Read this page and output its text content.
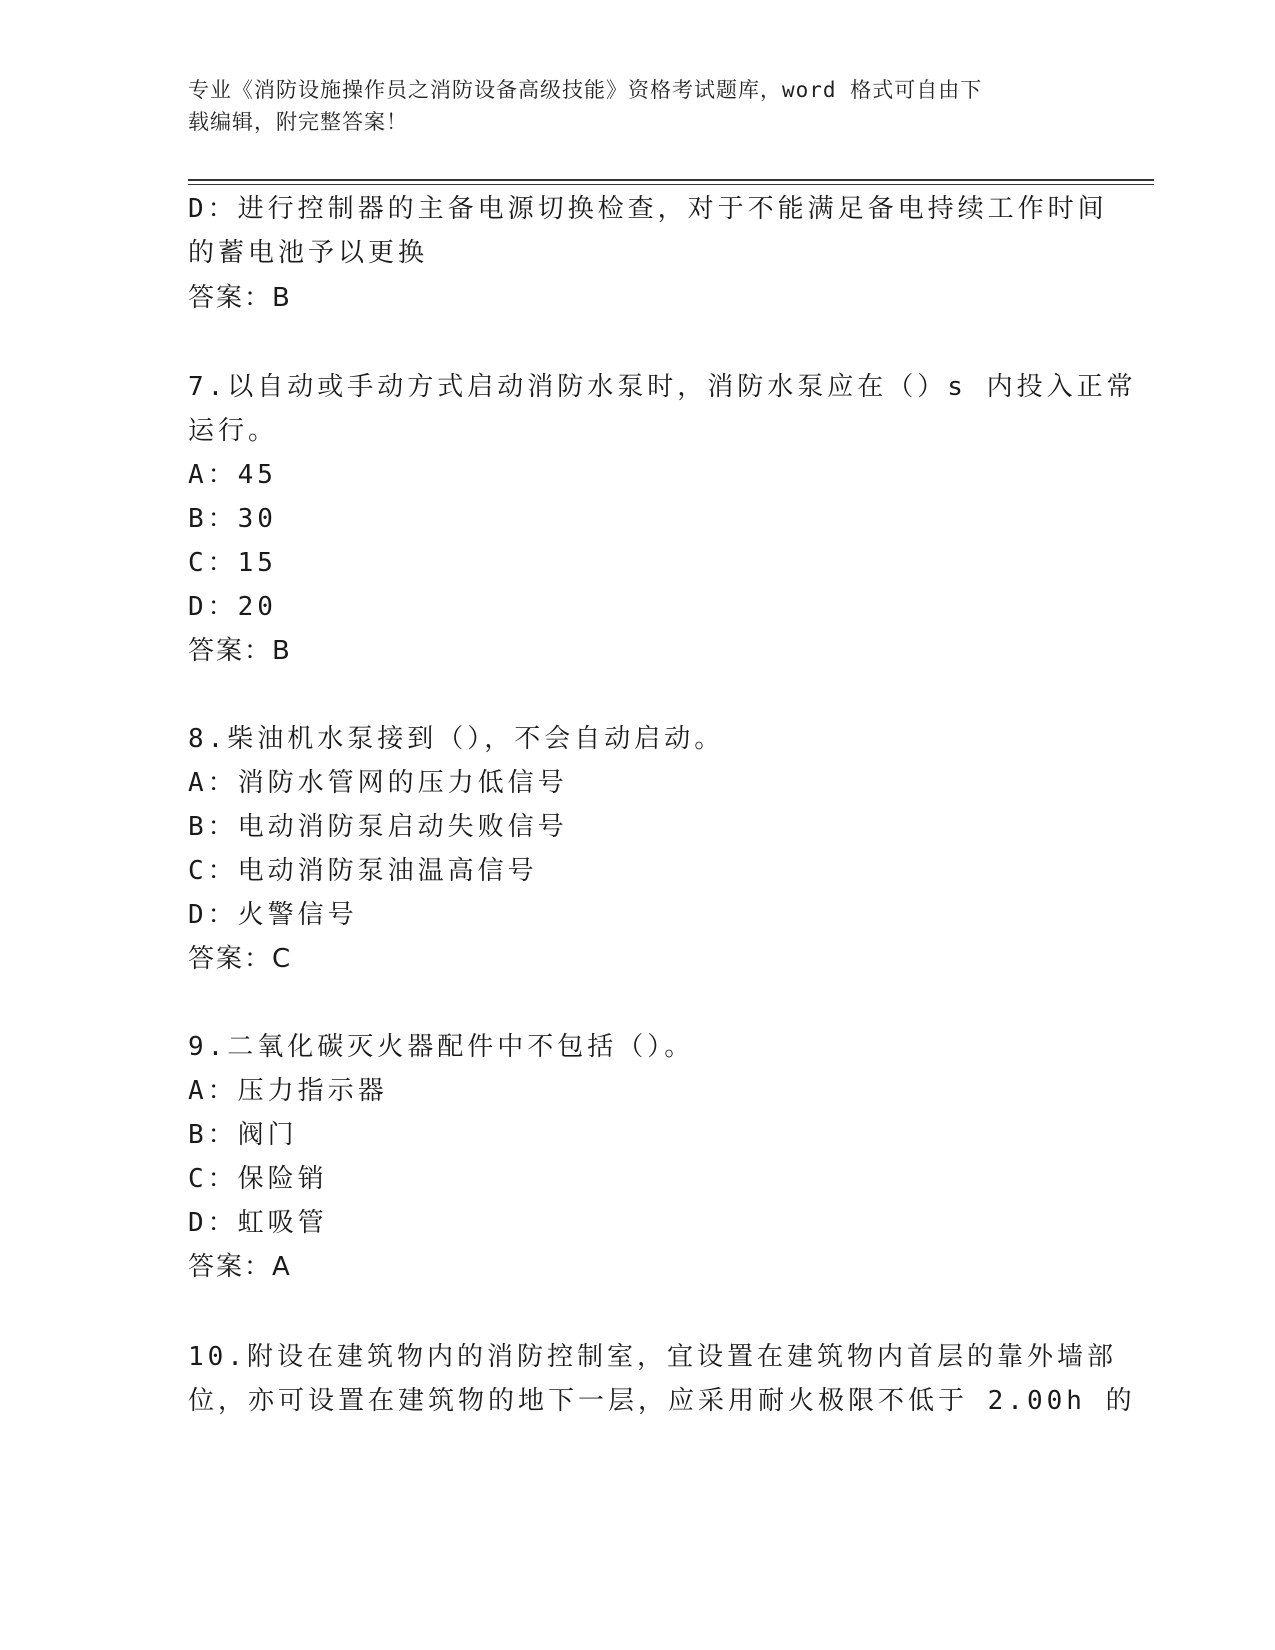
专业《消防设施操作员之消防设备高级技能》资格考试题库，word 格式可自由下
载编辑，附完整答案！
D：进行控制器的主备电源切换检查，对于不能满足备电持续工作时间
的蓄电池予以更换
答案：B
7.以自动或手动方式启动消防水泵时，消防水泵应在（）s 内投入正常
运行。
A：45
B：30
C：15
D：20
答案：B
8.柴油机水泵接到（），不会自动启动。
A：消防水管网的压力低信号
B：电动消防泵启动失败信号
C：电动消防泵油温高信号
D：火警信号
答案：C
9.二氧化碳灭火器配件中不包括（）。
A：压力指示器
B：阀门
C：保险销
D：虹吸管
答案：A
10.附设在建筑物内的消防控制室，宜设置在建筑物内首层的靠外墙部
位，亦可设置在建筑物的地下一层，应采用耐火极限不低于 2.00h 的
